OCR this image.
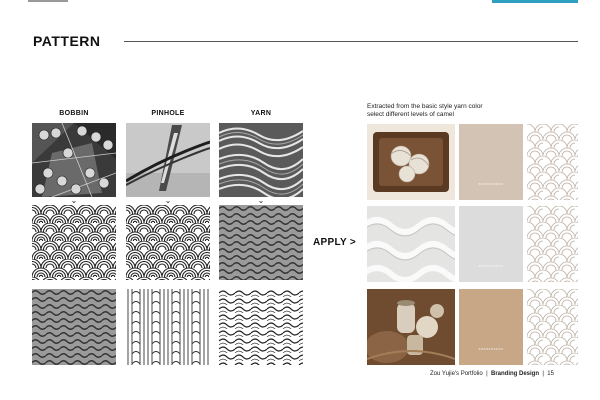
PATTERN
BOBBIN	PINHOLE	YARN
⌄	⌄	⌄
APPLY >
Extracted from the basic style yarn color
select different levels of camel
XXXXXXXXXX
XXXXXXXXXX
XXXXXXXXXX
Zou Yujie's Portfolio | Branding Design | 15
